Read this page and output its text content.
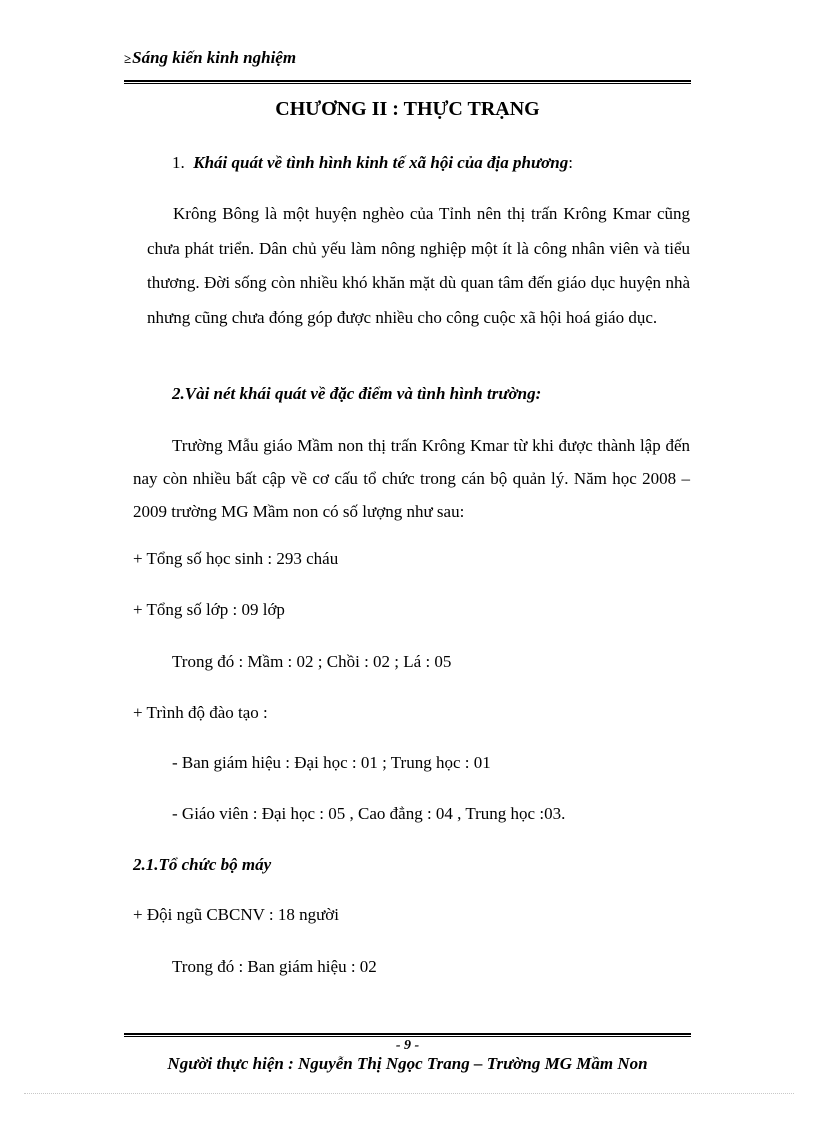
≥Sáng kiến kinh nghiệm
CHƯƠNG II : THỰC TRẠNG
1. Khái quát về tình hình kinh tế xã hội của địa phương:
Krông Bông là một huyện nghèo của Tỉnh nên thị trấn Krông Kmar cũng chưa phát triển. Dân chủ yếu làm nông nghiệp một ít là công nhân viên và tiểu thương. Đời sống còn nhiều khó khăn mặt dù quan tâm đến giáo dục huyện nhà nhưng cũng chưa đóng góp được nhiều cho công cuộc xã hội hoá giáo dục.
2.Vài nét khái quát về đặc điểm và tình hình trường:
Trường Mẫu giáo Mầm non thị trấn Krông Kmar từ khi được thành lập đến nay còn nhiều bất cập về cơ cấu tổ chức trong cán bộ quản lý. Năm học 2008 – 2009 trường MG Mầm non có số lượng như sau:
+ Tổng số học sinh : 293 cháu
+ Tổng số lớp : 09 lớp
Trong đó : Mầm : 02 ; Chồi : 02 ; Lá : 05
+ Trình độ đào tạo :
- Ban giám hiệu : Đại học : 01 ; Trung học : 01
- Giáo viên : Đại học : 05 , Cao đẳng : 04 , Trung học :03.
2.1.Tổ chức bộ máy
+ Đội ngũ CBCNV : 18 người
Trong đó : Ban giám hiệu : 02
- 9 -
Người thực hiện : Nguyễn Thị Ngọc Trang – Trường MG Mầm Non
